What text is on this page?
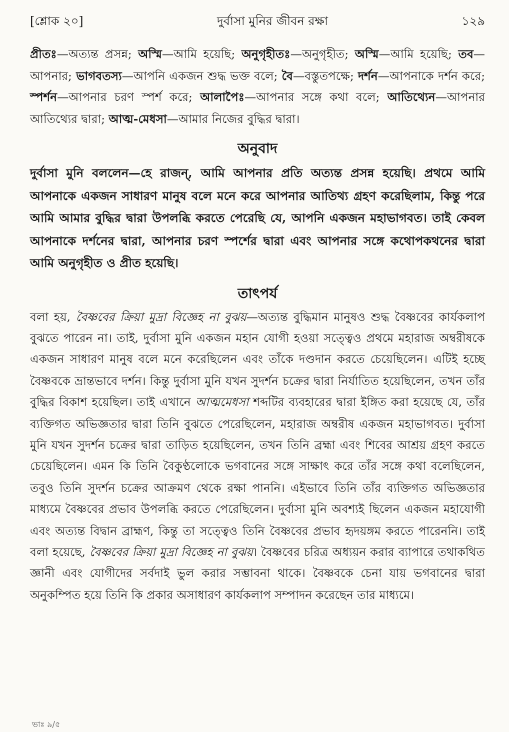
[শ্লোক ২০]	দুর্বাসা মুনির জীবন রক্ষা	১২৯
প্রীতঃ—অত্যন্ত প্রসন্ন; অস্মি—আমি হয়েছি; অনুগৃহীতঃ—অনুগৃহীত; অস্মি—আমি হয়েছি; তব—আপনার; ভাগবতস্য—আপনি একজন শুদ্ধ ভক্ত বলে; বৈ—বস্তুতপক্ষে; দর্শন—আপনাকে দর্শন করে; স্পর্শন—আপনার চরণ স্পর্শ করে; আলাপৈঃ—আপনার সঙ্গে কথা বলে; আতিথ্যেন—আপনার আতিথ্যের দ্বারা; আত্ম-মেধসা—আমার নিজের বুদ্ধির দ্বারা।
অনুবাদ
দুর্বাসা মুনি বললেন—হে রাজন্, আমি আপনার প্রতি অত্যন্ত প্রসন্ন হয়েছি। প্রথমে আমি আপনাকে একজন সাধারণ মানুষ বলে মনে করে আপনার আতিথ্য গ্রহণ করেছিলাম, কিন্তু পরে আমি আমার বুদ্ধির দ্বারা উপলব্ধি করতে পেরেছি যে, আপনি একজন মহাভাগবত। তাই কেবল আপনাকে দর্শনের দ্বারা, আপনার চরণ স্পর্শের দ্বারা এবং আপনার সঙ্গে কথোপকথনের দ্বারা আমি অনুগৃহীত ও প্রীত হয়েছি।
তাৎপর্য
বলা হয়, বৈষ্ণবের ক্রিয়া মুদ্রা বিজ্ঞেহ না বুঝয়—অত্যন্ত বুদ্ধিমান মানুষও শুদ্ধ বৈষ্ণবের কার্যকলাপ বুঝতে পারেন না। তাই, দুর্বাসা মুনি একজন মহান যোগী হওয়া সত্ত্বেও প্রথমে মহারাজ অম্বরীষকে একজন সাধারণ মানুষ বলে মনে করেছিলেন এবং তাঁকে দণ্ডদান করতে চেয়েছিলেন। এটিই হচ্ছে বৈষ্ণবকে ভ্রান্তভাবে দর্শন। কিন্তু দুর্বাসা মুনি যখন সুদর্শন চক্রের দ্বারা নির্যাতিত হয়েছিলেন, তখন তাঁর বুদ্ধির বিকাশ হয়েছিল। তাই এখানে আত্মমেধসা শব্দটির ব্যবহারের দ্বারা ইঙ্গিত করা হয়েছে যে, তাঁর ব্যক্তিগত অভিজ্ঞতার দ্বারা তিনি বুঝতে পেরেছিলেন, মহারাজ অম্বরীষ একজন মহাভাগবত। দুর্বাসা মুনি যখন সুদর্শন চক্রের দ্বারা তাড়িত হয়েছিলেন, তখন তিনি ব্রহ্মা এবং শিবের আশ্রয় গ্রহণ করতে চেয়েছিলেন। এমন কি তিনি বৈকুণ্ঠলোকে ভগবানের সঙ্গে সাক্ষাৎ করে তাঁর সঙ্গে কথা বলেছিলেন, তবুও তিনি সুদর্শন চক্রের আক্রমণ থেকে রক্ষা পাননি। এইভাবে তিনি তাঁর ব্যক্তিগত অভিজ্ঞতার মাধ্যমে বৈষ্ণবের প্রভাব উপলব্ধি করতে পেরেছিলেন। দুর্বাসা মুনি অবশ্যই ছিলেন একজন মহাযোগী এবং অত্যন্ত বিদ্বান ব্রাহ্মণ, কিন্তু তা সত্ত্বেও তিনি বৈষ্ণবের প্রভাব হৃদয়ঙ্গম করতে পারেননি। তাই বলা হয়েছে, বৈষ্ণবের ক্রিয়া মুদ্রা বিজ্ঞেহ না বুঝয়। বৈষ্ণবের চরিত্র অধ্যয়ন করার ব্যাপারে তথাকথিত জ্ঞানী এবং যোগীদের সর্বদাই ভুল করার সম্ভাবনা থাকে। বৈষ্ণবকে চেনা যায় ভগবানের দ্বারা অনুকম্পিত হয়ে তিনি কি প্রকার অসাধারণ কার্যকলাপ সম্পাদন করেছেন তার মাধ্যমে।
ভাঃ ৯/৫
